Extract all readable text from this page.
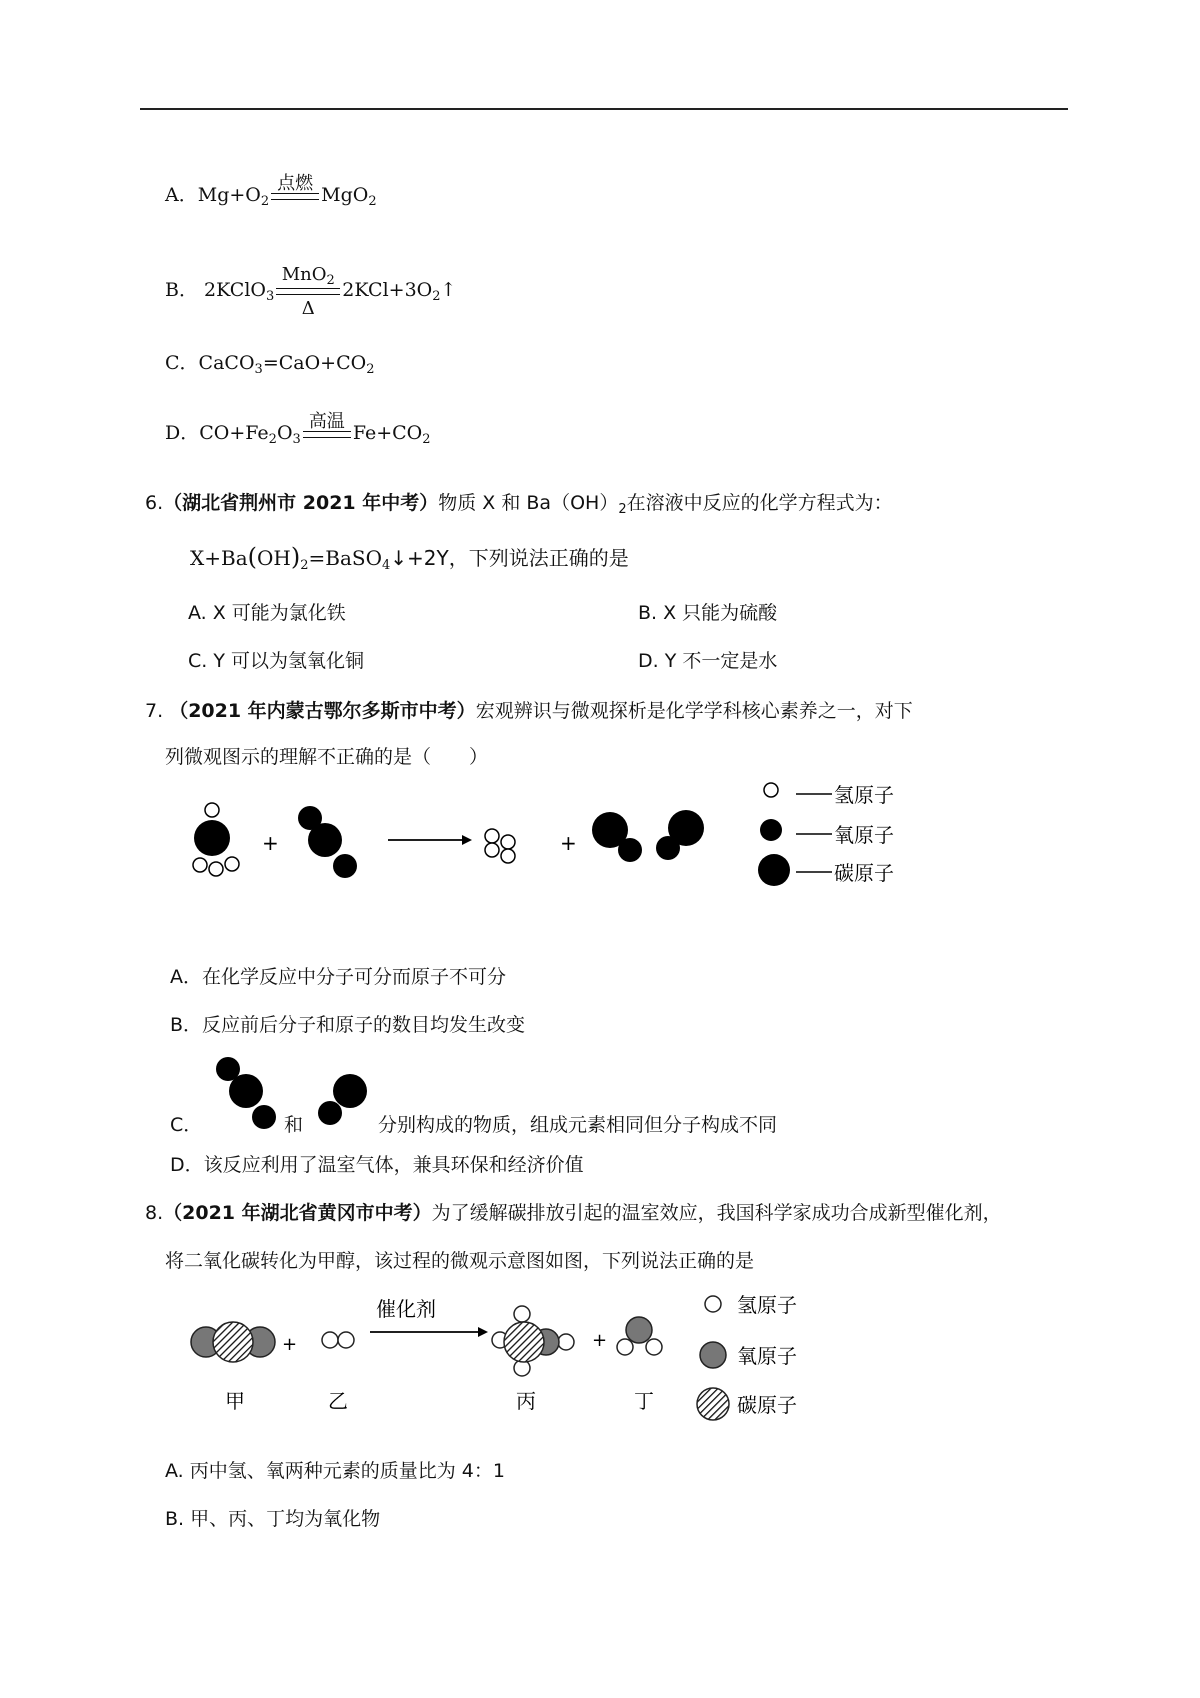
A．$Mg+O_2$
点燃
MgO$_2$
B． 2KClO$_3$
MnO$_2$
Δ
$2KCl+3O_2↑$
C．$CaCO_3=CaO+CO_2$
D．$CO+Fe_2O_3$
高温
$Fe+CO_2$
6.（湖北省荆州市 2021 年中考）物质 X 和 $Ba(OH)_2$在溶液中反应的化学方程式为：
$X+Ba(OH)_2=BaSO_4↓+2Y$，下列说法正确的是
A. X 可能为氯化铁	B. X 只能为硫酸
C. Y 可以为氢氧化铜	D. Y 不一定是水
7. （2021 年内蒙古鄂尔多斯市中考）宏观辨识与微观探析是化学学科核心素养之一，对下
列微观图示的理解不正确的是（　　）
+	+
氢原子
氧原子
碳原子
A．在化学反应中分子可分而原子不可分
B．反应前后分子和原子的数目均发生改变
C．	和	分别构成的物质，组成元素相同但分子构成不同
D．该反应利用了温室气体，兼具环保和经济价值
8.（2021 年湖北省黄冈市中考）为了缓解碳排放引起的温室效应，我国科学家成功合成新型催化剂，
将二氧化碳转化为甲醇，该过程的微观示意图如图，下列说法正确的是
+
催化剂
+
甲	乙	丙	丁
氢原子
氧原子
碳原子
A. 丙中氢、氧两种元素的质量比为 4：1
B. 甲、丙、丁均为氧化物
